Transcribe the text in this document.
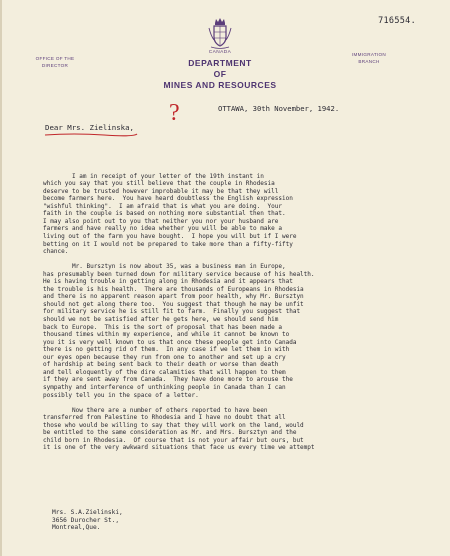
716554.
OFFICE OF THE
DIRECTOR
IMMIGRATION
BRANCH
CANADA
DEPARTMENT
OF
MINES AND RESOURCES
OTTAWA, 30th November, 1942.
?
Dear Mrs. Zielinska,

I am in receipt of your letter of the 19th instant in
which you say that you still believe that the couple in Rhodesia
deserve to be trusted however improbable it may be that they will
become farmers here.  You have heard doubtless the English expression
"wishful thinking".  I am afraid that is what you are doing.  Your
faith in the couple is based on nothing more substantial then that.
I may also point out to you that neither you nor your husband are
farmers and have really no idea whether you will be able to make a
living out of the farm you have bought.  I hope you will but if I were
betting on it I would not be prepared to take more than a fifty-fifty
chance.

Mr. Bursztyn is now about 35, was a business man in Europe,
has presumably been turned down for military service because of his health.
He is having trouble in getting along in Rhodesia and it appears that
the trouble is his health.  There are thousands of Europeans in Rhodesia
and there is no apparent reason apart from poor health, why Mr. Bursztyn
should not get along there too.  You suggest that though he may be unfit
for military service he is still fit to farm.  Finally you suggest that
should we not be satisfied after he gets here, we should send him
back to Europe.  This is the sort of proposal that has been made a
thousand times within my experience, and while it cannot be known to
you it is very well known to us that once these people get into Canada
there is no getting rid of them.  In any case if we let them in with
our eyes open because they run from one to another and set up a cry
of hardship at being sent back to their death or worse than death
and tell eloquently of the dire calamities that will happen to them
if they are sent away from Canada.  They have done more to arouse the
sympathy and interference of unthinking people in Canada than I can
possibly tell you in the space of a letter.

Now there are a number of others reported to have been
transferred from Palestine to Rhodesia and I have no doubt that all
those who would be willing to say that they will work on the land, would
be entitled to the same consideration as Mr. and Mrs. Bursztyn and the
child born in Rhodesia.  Of course that is not your affair but ours, but
it is one of the very awkward situations that face us every time we attempt

Mrs. S.A.Zielinski,
3656 Durocher St.,
Montreal,Que.
